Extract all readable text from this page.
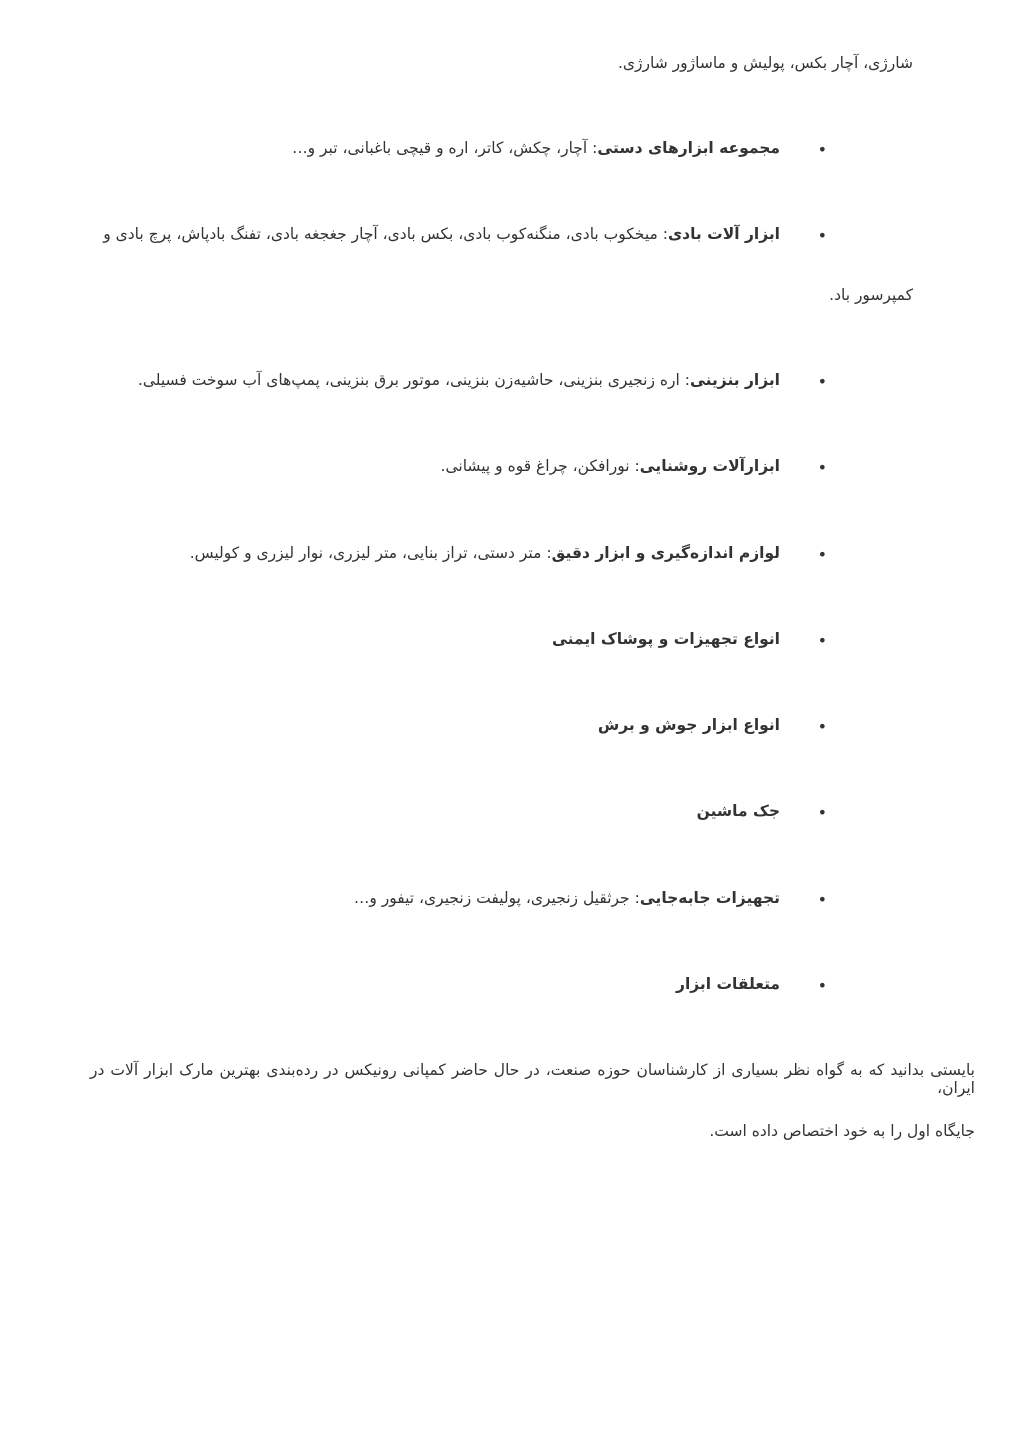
شارژی، آچار بکس، پولیش و ماساژور شارژی.
•
مجموعه ابزارهای دستی: آچار، چکش، کاتر، اره و قیچی باغبانی، تبر و…
•
ابزار آلات بادی: میخکوب بادی، منگنه‌کوب بادی، بکس بادی، آچار جغجغه بادی، تفنگ بادپاش، پرچ بادی و
کمپرسور باد.
•
ابزار بنزینی: اره زنجیری بنزینی، حاشیه‌زن بنزینی، موتور برق بنزینی، پمپ‌های آب سوخت فسیلی.
•
ابزارآلات روشنایی: نورافکن، چراغ قوه و پیشانی.
•
لوازم اندازه‌گیری و ابزار دقیق: متر دستی، تراز بنایی، متر لیزری، نوار لیزری و کولیس.
•
انواع تجهیزات و پوشاک ایمنی
•
انواع ابزار جوش و برش
•
جک ماشین
•
تجهیزات جابه‌جایی: جرثقیل زنجیری، پولیفت زنجیری، تیفور و…
•
متعلقات ابزار
بایستی بدانید که به گواه نظر بسیاری از کارشناسان حوزه صنعت، در حال حاضر کمپانی رونیکس در رده‌بندی بهترین مارک ابزار آلات در ایران،
جایگاه اول را به خود اختصاص داده است.
